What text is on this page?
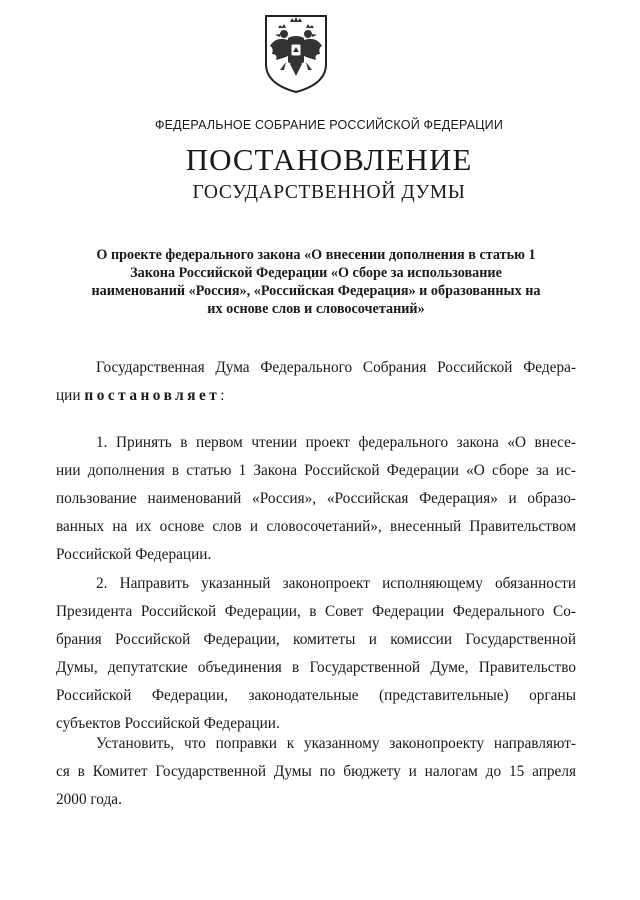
ФЕДЕРАЛЬНОЕ СОБРАНИЕ РОССИЙСКОЙ ФЕДЕРАЦИИ
ПОСТАНОВЛЕНИЕ
ГОСУДАРСТВЕННОЙ ДУМЫ
О проекте федерального закона «О внесении дополнения в статью 1
Закона Российской Федерации «О сборе за использование
наименований «Россия», «Российская Федерация» и образованных на
их основе слов и словосочетаний»
Государственная Дума Федерального Собрания Российской Федера-
ции постановляет:
1. Принять в первом чтении проект федерального закона «О внесе-
нии дополнения в статью 1 Закона Российской Федерации «О сборе за ис-
пользование наименований «Россия», «Российская Федерация» и образо-
ванных на их основе слов и словосочетаний», внесенный Правительством
Российской Федерации.
2. Направить указанный законопроект исполняющему обязанности
Президента Российской Федерации, в Совет Федерации Федерального Со-
брания Российской Федерации, комитеты и комиссии Государственной
Думы, депутатские объединения в Государственной Думе, Правительство
Российской Федерации, законодательные (представительные) органы
субъектов Российской Федерации.
Установить, что поправки к указанному законопроекту направляют-
ся в Комитет Государственной Думы по бюджету и налогам до 15 апреля
2000 года.
